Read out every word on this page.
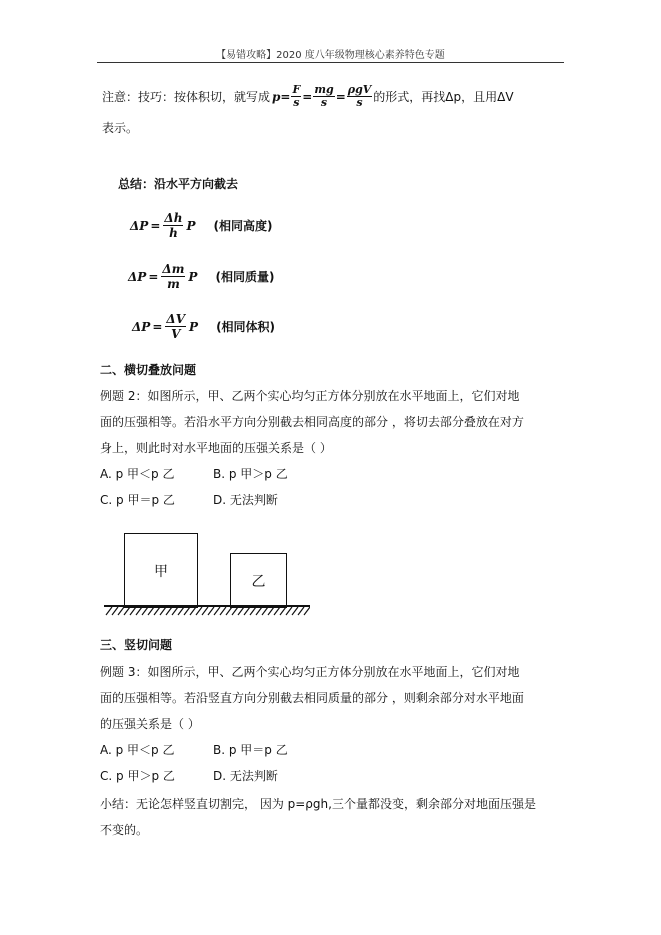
【易错攻略】2020 度八年级物理核心素养特色专题
注意：技巧：按体积切，就写成 $p = \frac{F}{s} = \frac{mg}{s} = \frac{\text{ρgV}}{s}$ 的形式，再找Δp，且用ΔV
表示。
总结：沿水平方向截去
$\Delta P = \frac{\Delta h}{h}$ P (相同高度)
$\Delta P = \frac{\Delta m}{m}$ P (相同质量)
$\Delta P = \frac{\Delta V}{V}$ P (相同体积)
二、横切叠放问题
例题 2：如图所示，甲、乙两个实心均匀正方体分别放在水平地面上，它们对地
面的压强相等。若沿水平方向分别截去相同高度的部分 ，将切去部分叠放在对方
身上，则此时对水平地面的压强关系是（ ）
A. p 甲＜p 乙	B. p 甲＞p 乙
C. p 甲＝p 乙	D. 无法判断
甲
乙
三、竖切问题
例题 3：如图所示，甲、乙两个实心均匀正方体分别放在水平地面上，它们对地
面的压强相等。若沿竖直方向分别截去相同质量的部分 ，则剩余部分对水平地面
的压强关系是（ ）
A. p 甲＜p 乙	B. p 甲＝p 乙
C. p 甲＞p 乙	D. 无法判断
小结：无论怎样竖直切割完， 因为 p=ρgh,三个量都没变，剩余部分对地面压强是
不变的。
